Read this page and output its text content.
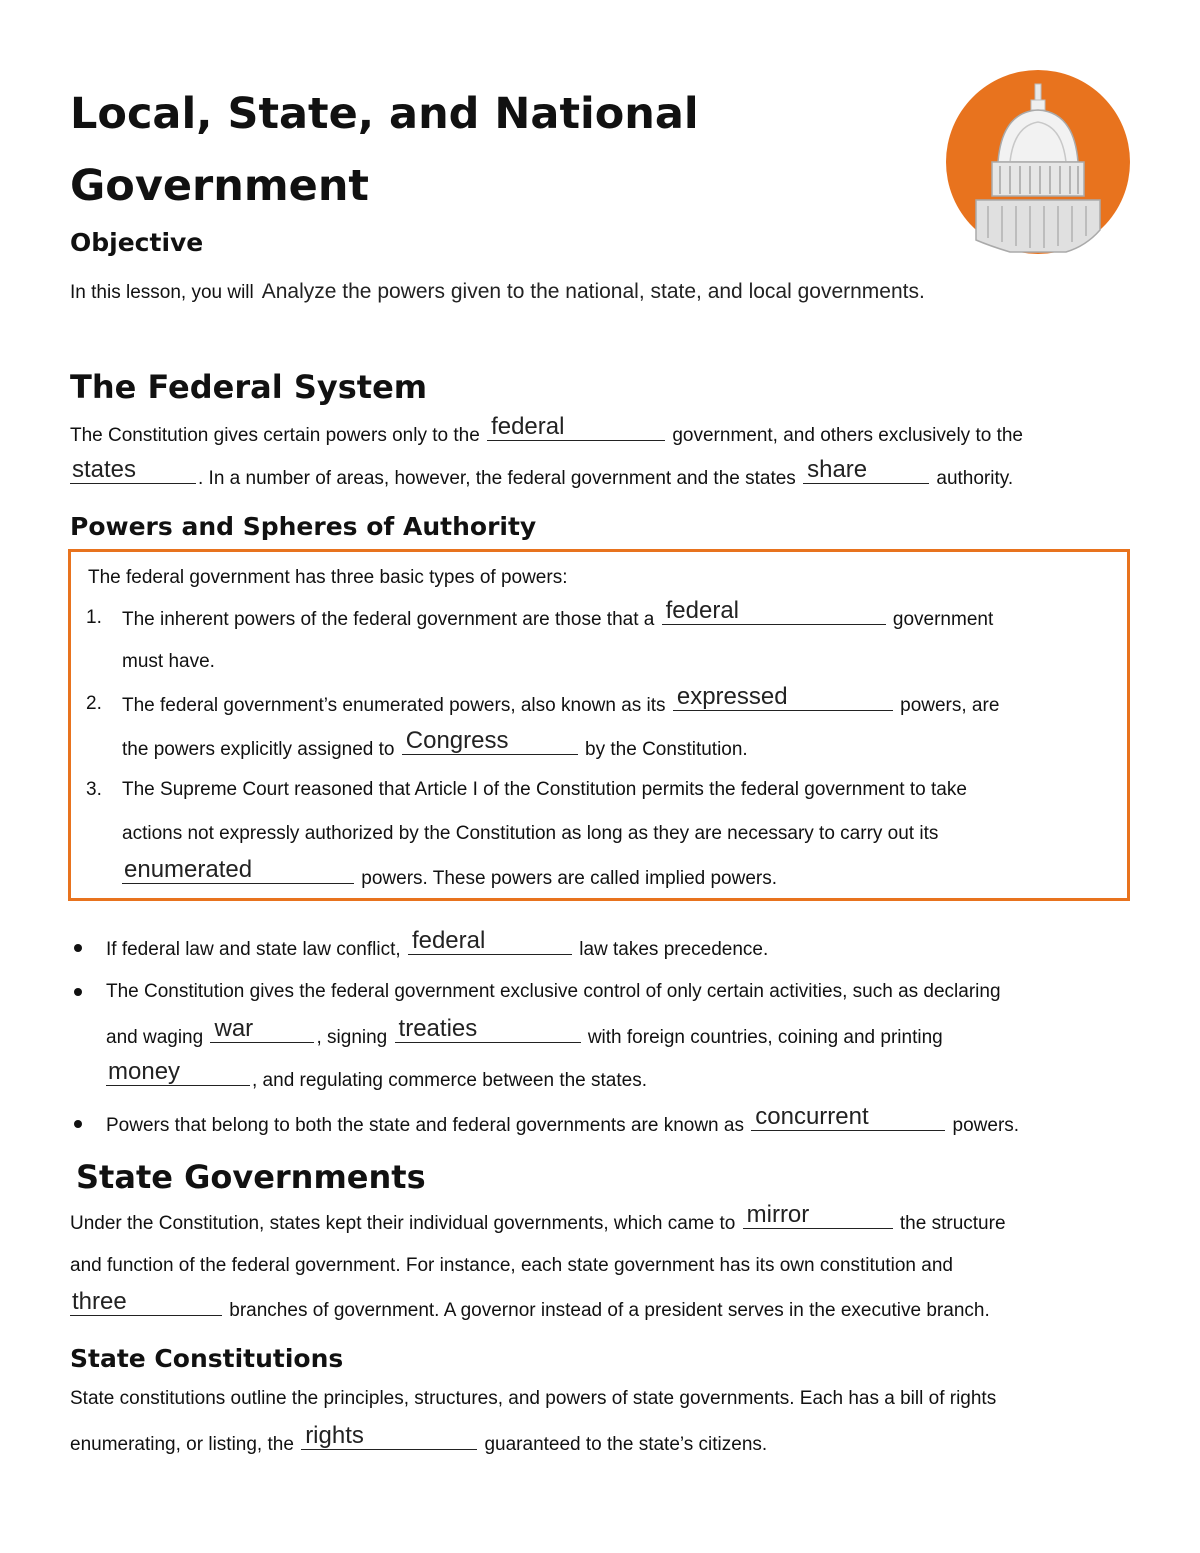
Local, State, and National
Government
Objective
In this lesson, you will Analyze the powers given to the national, state, and local governments.
The Federal System
The Constitution gives certain powers only to the federal	government, and others exclusively to the
states	. In a number of areas, however, the federal government and the states share	authority.
Powers and Spheres of Authority
The federal government has three basic types of powers:
1.	The inherent powers of the federal government are those that a federal	government
must have.
2.	The federal government’s enumerated powers, also known as its expressed	powers, are
the powers explicitly assigned to Congress	by the Constitution.
3.	The Supreme Court reasoned that Article I of the Constitution permits the federal government to take
actions not expressly authorized by the Constitution as long as they are necessary to carry out its
enumerated	powers. These powers are called implied powers.
If federal law and state law conflict, federal	law takes precedence.
The Constitution gives the federal government exclusive control of only certain activities, such as declaring
and waging war	, signing treaties	with foreign countries, coining and printing
money	, and regulating commerce between the states.
Powers that belong to both the state and federal governments are known as concurrent	powers.
State Governments
Under the Constitution, states kept their individual governments, which came to mirror	the structure
and function of the federal government. For instance, each state government has its own constitution and
three	branches of government. A governor instead of a president serves in the executive branch.
State Constitutions
State constitutions outline the principles, structures, and powers of state governments. Each has a bill of rights
enumerating, or listing, the rights	guaranteed to the state’s citizens.
